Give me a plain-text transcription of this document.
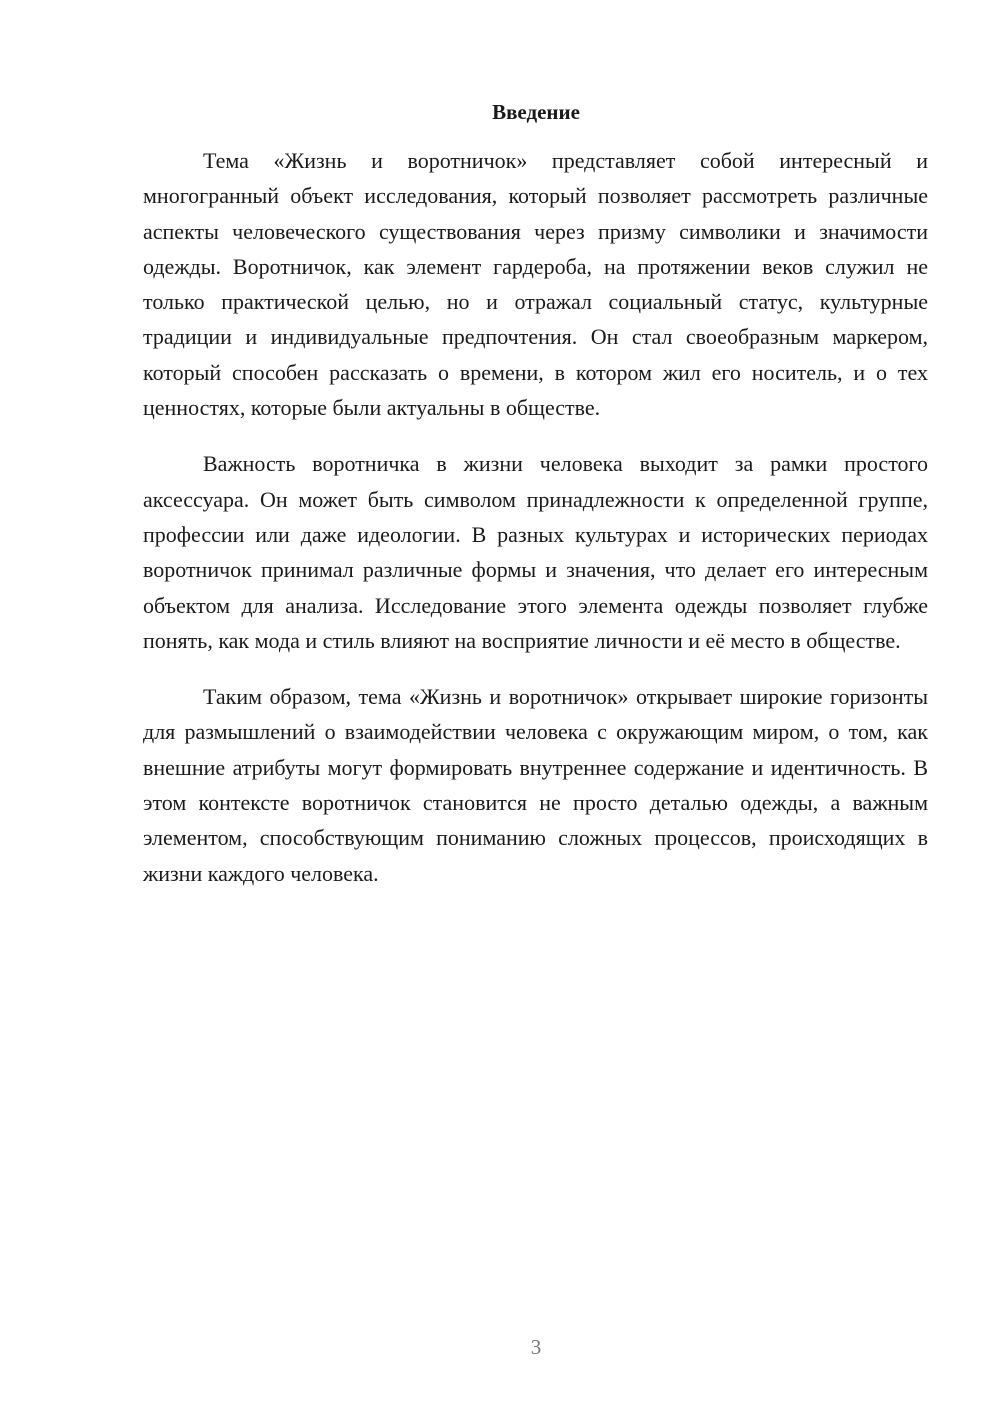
Введение

Тема «Жизнь и воротничок» представляет собой интересный и многогранный объект исследования, который позволяет рассмотреть различные аспекты человеческого существования через призму символики и значимости одежды. Воротничок, как элемент гардероба, на протяжении веков служил не только практической целью, но и отражал социальный статус, культурные традиции и индивидуальные предпочтения. Он стал своеобразным маркером, который способен рассказать о времени, в котором жил его носитель, и о тех ценностях, которые были актуальны в обществе.

Важность воротничка в жизни человека выходит за рамки простого аксессуара. Он может быть символом принадлежности к определенной группе, профессии или даже идеологии. В разных культурах и исторических периодах воротничок принимал различные формы и значения, что делает его интересным объектом для анализа. Исследование этого элемента одежды позволяет глубже понять, как мода и стиль влияют на восприятие личности и её место в обществе.

Таким образом, тема «Жизнь и воротничок» открывает широкие горизонты для размышлений о взаимодействии человека с окружающим миром, о том, как внешние атрибуты могут формировать внутреннее содержание и идентичность. В этом контексте воротничок становится не просто деталью одежды, а важным элементом, способствующим пониманию сложных процессов, происходящих в жизни каждого человека.

3
